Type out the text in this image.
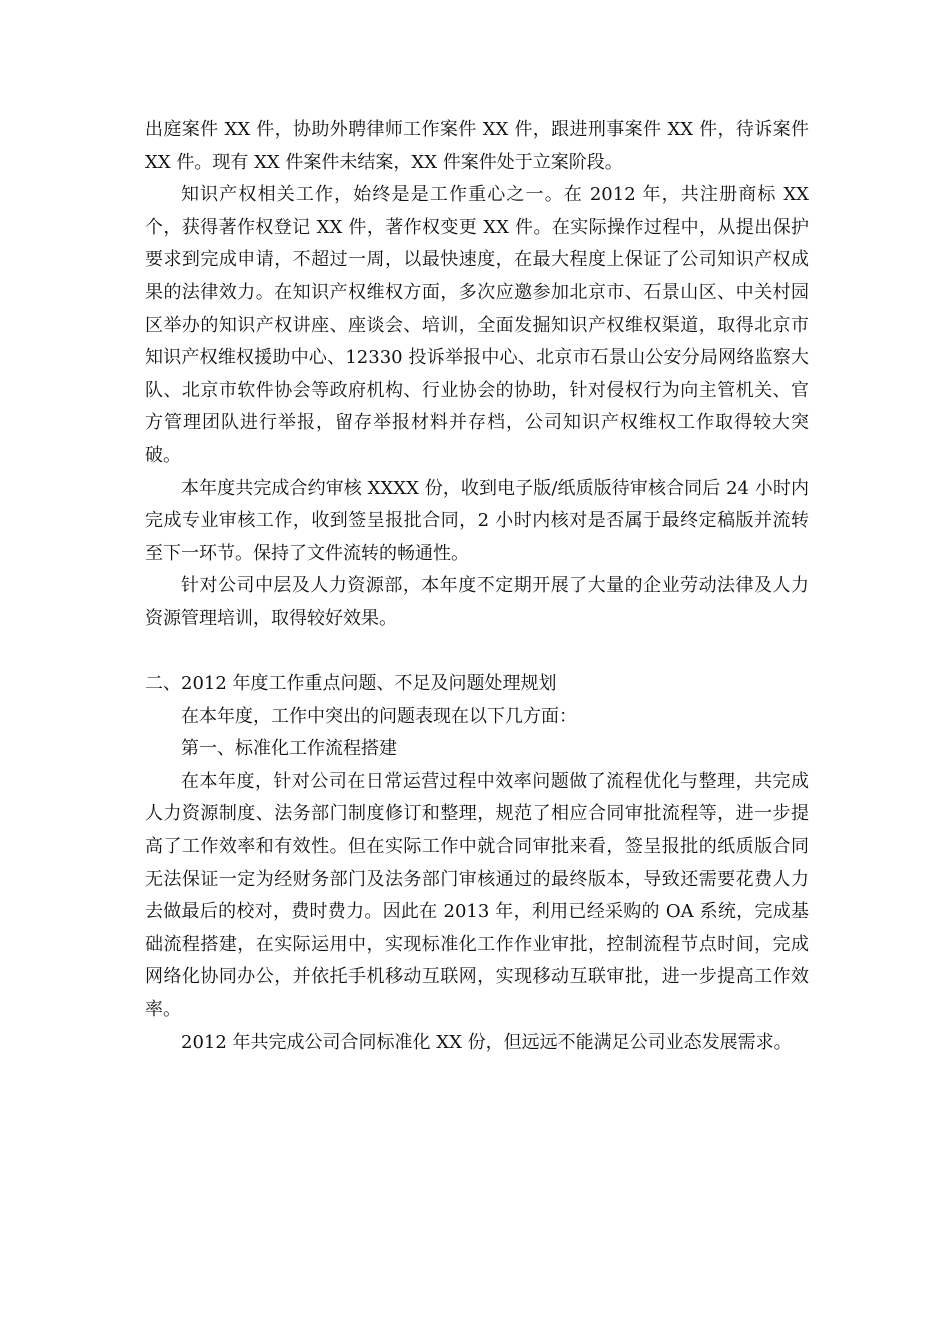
出庭案件 XX 件，协助外聘律师工作案件 XX 件，跟进刑事案件 XX 件，待诉案件 XX 件。现有 XX 件案件未结案，XX 件案件处于立案阶段。

知识产权相关工作，始终是是工作重心之一。在 2012 年，共注册商标 XX 个，获得著作权登记 XX 件，著作权变更 XX 件。在实际操作过程中，从提出保护要求到完成申请，不超过一周，以最快速度，在最大程度上保证了公司知识产权成果的法律效力。在知识产权维权方面，多次应邀参加北京市、石景山区、中关村园区举办的知识产权讲座、座谈会、培训，全面发掘知识产权维权渠道，取得北京市知识产权维权援助中心、12330 投诉举报中心、北京市石景山公安分局网络监察大队、北京市软件协会等政府机构、行业协会的协助，针对侵权行为向主管机关、官方管理团队进行举报，留存举报材料并存档，公司知识产权维权工作取得较大突破。

本年度共完成合约审核 XXXX 份，收到电子版/纸质版待审核合同后 24 小时内完成专业审核工作，收到签呈报批合同，2 小时内核对是否属于最终定稿版并流转至下一环节。保持了文件流转的畅通性。

针对公司中层及人力资源部，本年度不定期开展了大量的企业劳动法律及人力资源管理培训，取得较好效果。

二、2012 年度工作重点问题、不足及问题处理规划

在本年度，工作中突出的问题表现在以下几方面：

第一、标准化工作流程搭建

在本年度，针对公司在日常运营过程中效率问题做了流程优化与整理，共完成人力资源制度、法务部门制度修订和整理，规范了相应合同审批流程等，进一步提高了工作效率和有效性。但在实际工作中就合同审批来看，签呈报批的纸质版合同无法保证一定为经财务部门及法务部门审核通过的最终版本，导致还需要花费人力去做最后的校对，费时费力。因此在 2013 年，利用已经采购的 OA 系统，完成基础流程搭建，在实际运用中，实现标准化工作作业审批，控制流程节点时间，完成网络化协同办公，并依托手机移动互联网，实现移动互联审批，进一步提高工作效率。

2012 年共完成公司合同标准化 XX 份，但远远不能满足公司业态发展需求。
